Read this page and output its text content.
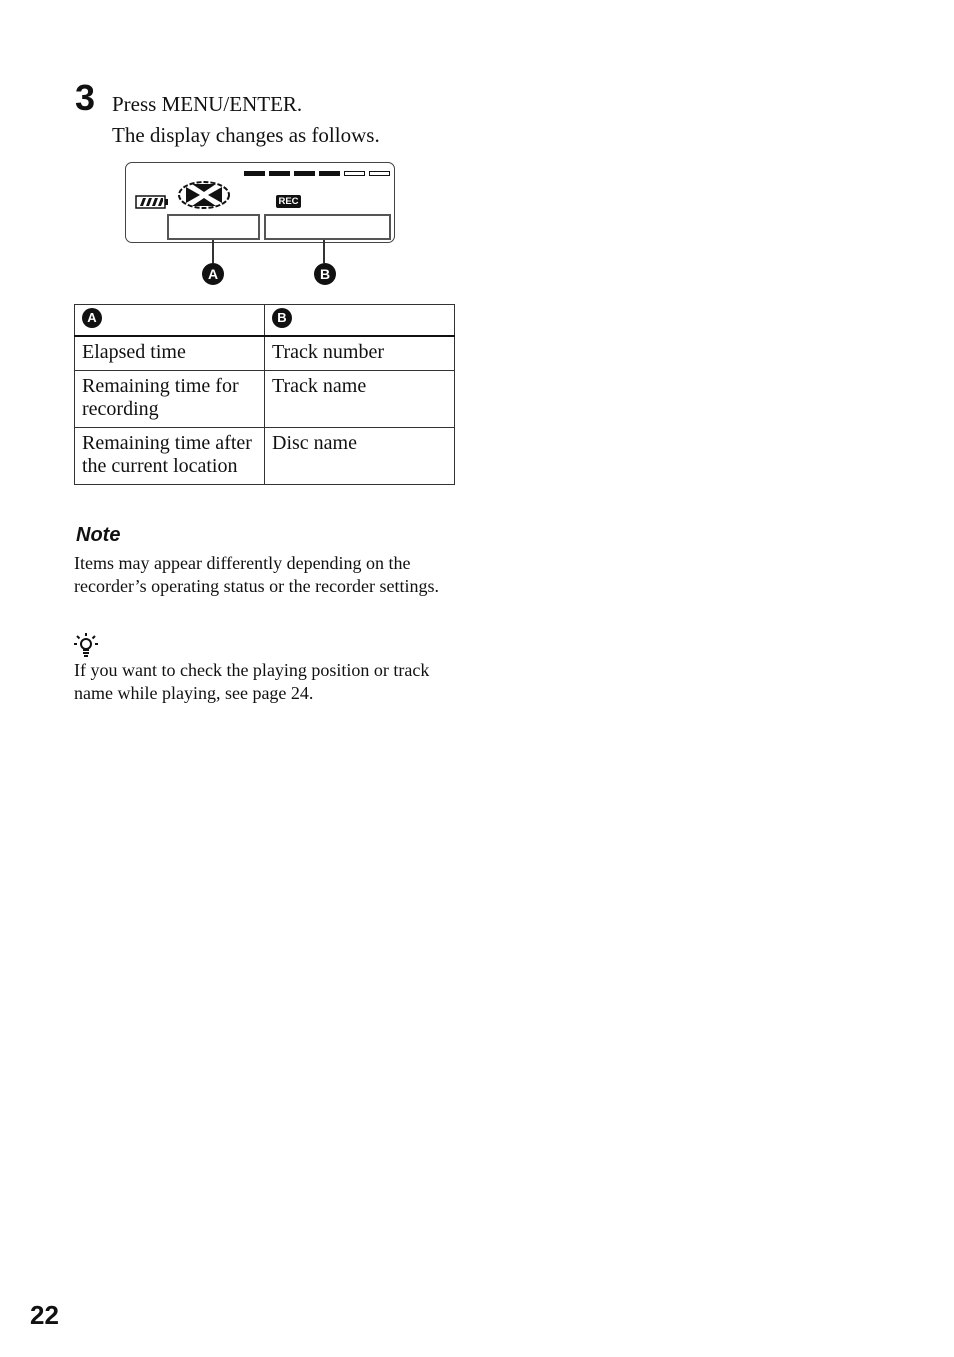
3 Press MENU/ENTER.
The display changes as follows.
REC
A	B
A	B

Elapsed time	Track number
Remaining time for recording	Track name
Remaining time after the current location	Disc name
Note
Items may appear differently depending on the recorder’s operating status or the recorder settings.
If you want to check the playing position or track name while playing, see page 24.
22
